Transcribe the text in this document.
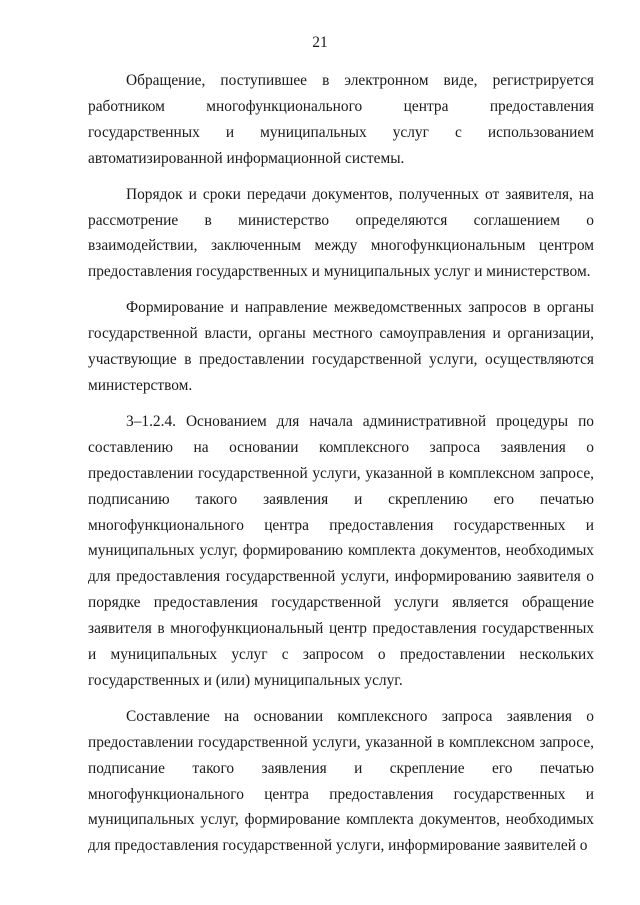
21

Обращение, поступившее в электронном виде, регистрируется работником многофункционального центра предоставления государственных и муниципальных услуг с использованием автоматизированной информационной системы.

Порядок и сроки передачи документов, полученных от заявителя, на рассмотрение в министерство определяются соглашением о взаимодействии, заключенным между многофункциональным центром предоставления государственных и муниципальных услуг и министерством.

Формирование и направление межведомственных запросов в органы государственной власти, органы местного самоуправления и организации, участвующие в предоставлении государственной услуги, осуществляются министерством.

3–1.2.4. Основанием для начала административной процедуры по составлению на основании комплексного запроса заявления о предоставлении государственной услуги, указанной в комплексном запросе, подписанию такого заявления и скреплению его печатью многофункционального центра предоставления государственных и муниципальных услуг, формированию комплекта документов, необходимых для предоставления государственной услуги, информированию заявителя о порядке предоставления государственной услуги является обращение заявителя в многофункциональный центр предоставления государственных и муниципальных услуг с запросом о предоставлении нескольких государственных и (или) муниципальных услуг.

Составление на основании комплексного запроса заявления о предоставлении государственной услуги, указанной в комплексном запросе, подписание такого заявления и скрепление его печатью многофункционального центра предоставления государственных и муниципальных услуг, формирование комплекта документов, необходимых для предоставления государственной услуги, информирование заявителей о
